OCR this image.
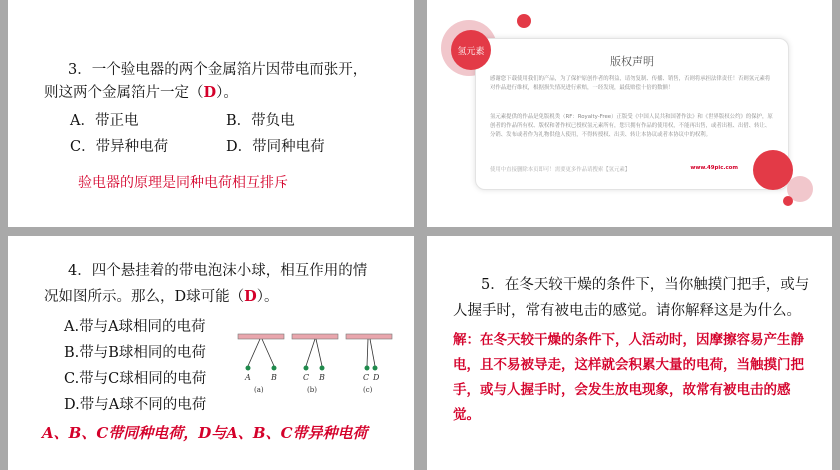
3．一个验电器的两个金属箔片因带电而张开，
则这两个金属箔片一定（D）。
A．带正电	B．带负电
C．带异种电荷	D．带同种电荷
验电器的原理是同种电荷相互排斥
版权声明
感谢您下载使用我们的产品，为了保护原创作者的利益，请勿复制、传播、销售，否则将承担法律责任！否则氢元素将对作品进行维权，根据损失情况进行索赔，一经发现，最低赔偿十倍的数额！
氢元素提供的作品是免版税类（RF：Royalty-Free）正版受《中国人民共和国著作法》和《世界版权公约》的保护，原创者的作品所有权、版权和著作权已授权氢元素所有，您只拥有作品的使用权，不能再出售，或者出租、出借、转让、分销、发布或者作为礼物供他人使用，不得转授权、出卖、转让本协议或者本协议中的权利。
使用中直接删除本页即可！需要更多作品请搜索【氢元素】	www.49pic.com
氢元素
4．四个悬挂着的带电泡沫小球，相互作用的情
况如图所示。那么，D球可能（D）。
A.带与A球相同的电荷
B.带与B球相同的电荷
C.带与C球相同的电荷
D.带与A球不同的电荷
A	B
(a)
C B
(b)
C D
(c)
A、B、C带同种电荷，D与A、B、C带异种电荷
5．在冬天较干燥的条件下，当你触摸门把手，或与
人握手时，常有被电击的感觉。请你解释这是为什么。
解：在冬天较干燥的条件下，人活动时，因摩擦容易产生静电，且不易被导走，这样就会积累大量的电荷，当触摸门把手，或与人握手时，会发生放电现象，故常有被电击的感觉。
